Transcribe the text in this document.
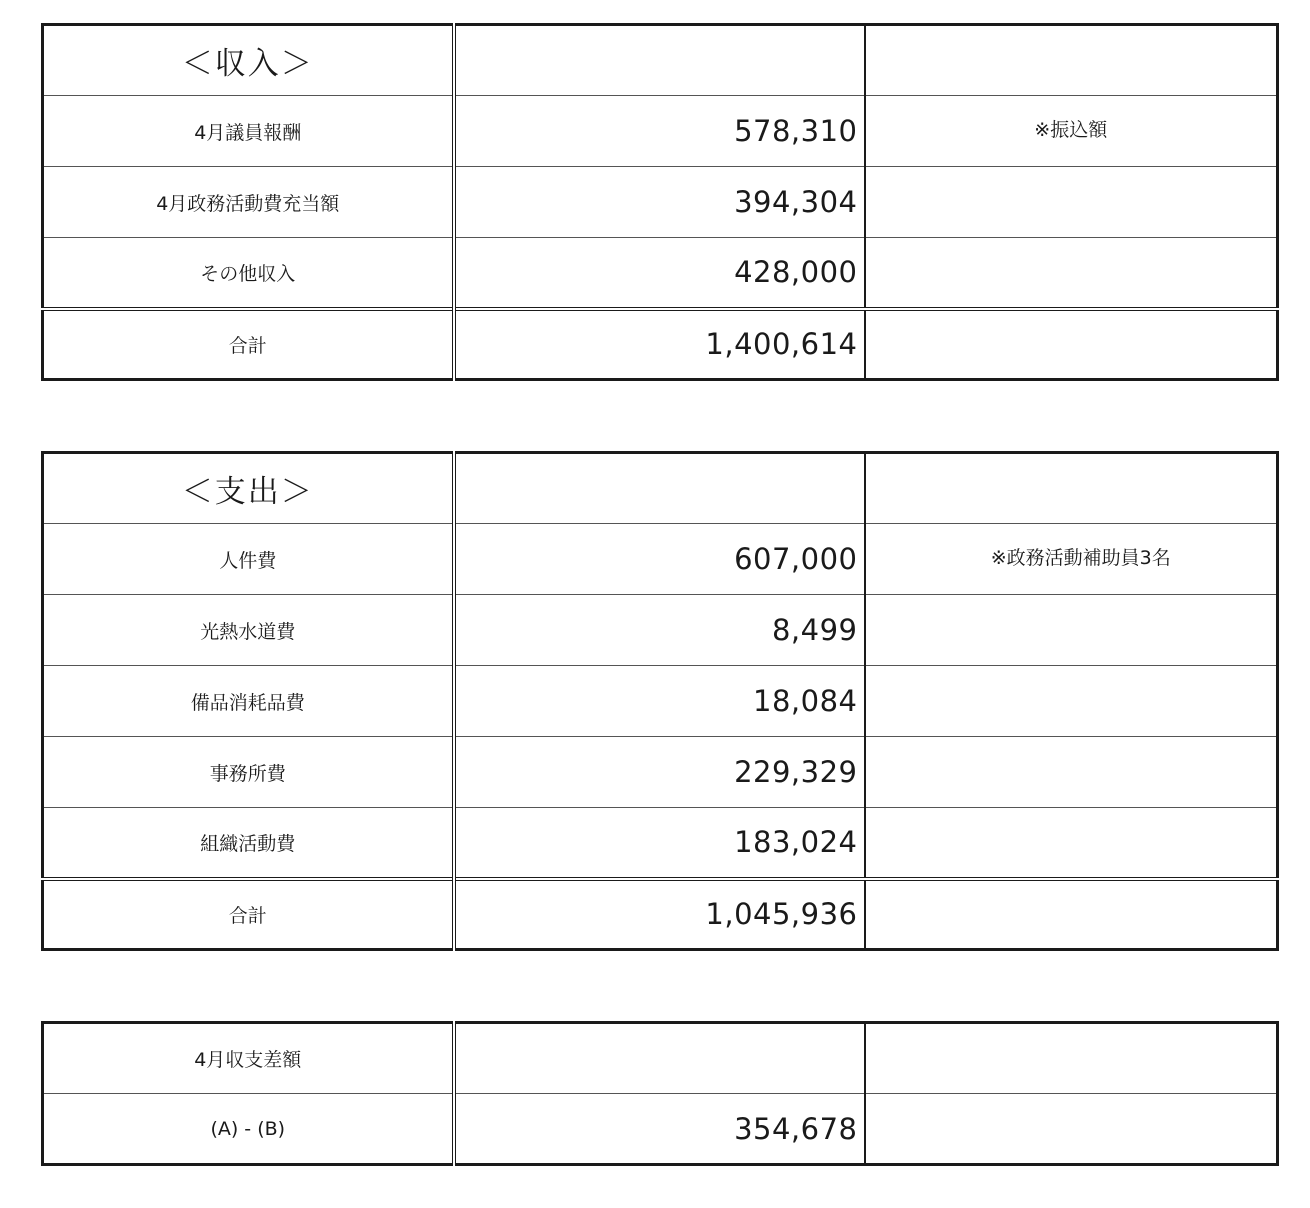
＜収入＞		
4月議員報酬	578,310	※振込額
4月政務活動費充当額	394,304	
その他収入	428,000	
合計	1,400,614	
＜支出＞		
人件費	607,000	※政務活動補助員3名
光熱水道費	8,499	
備品消耗品費	18,084	
事務所費	229,329	
組織活動費	183,024	
合計	1,045,936	
4月収支差額		
(A) - (B)	354,678	
